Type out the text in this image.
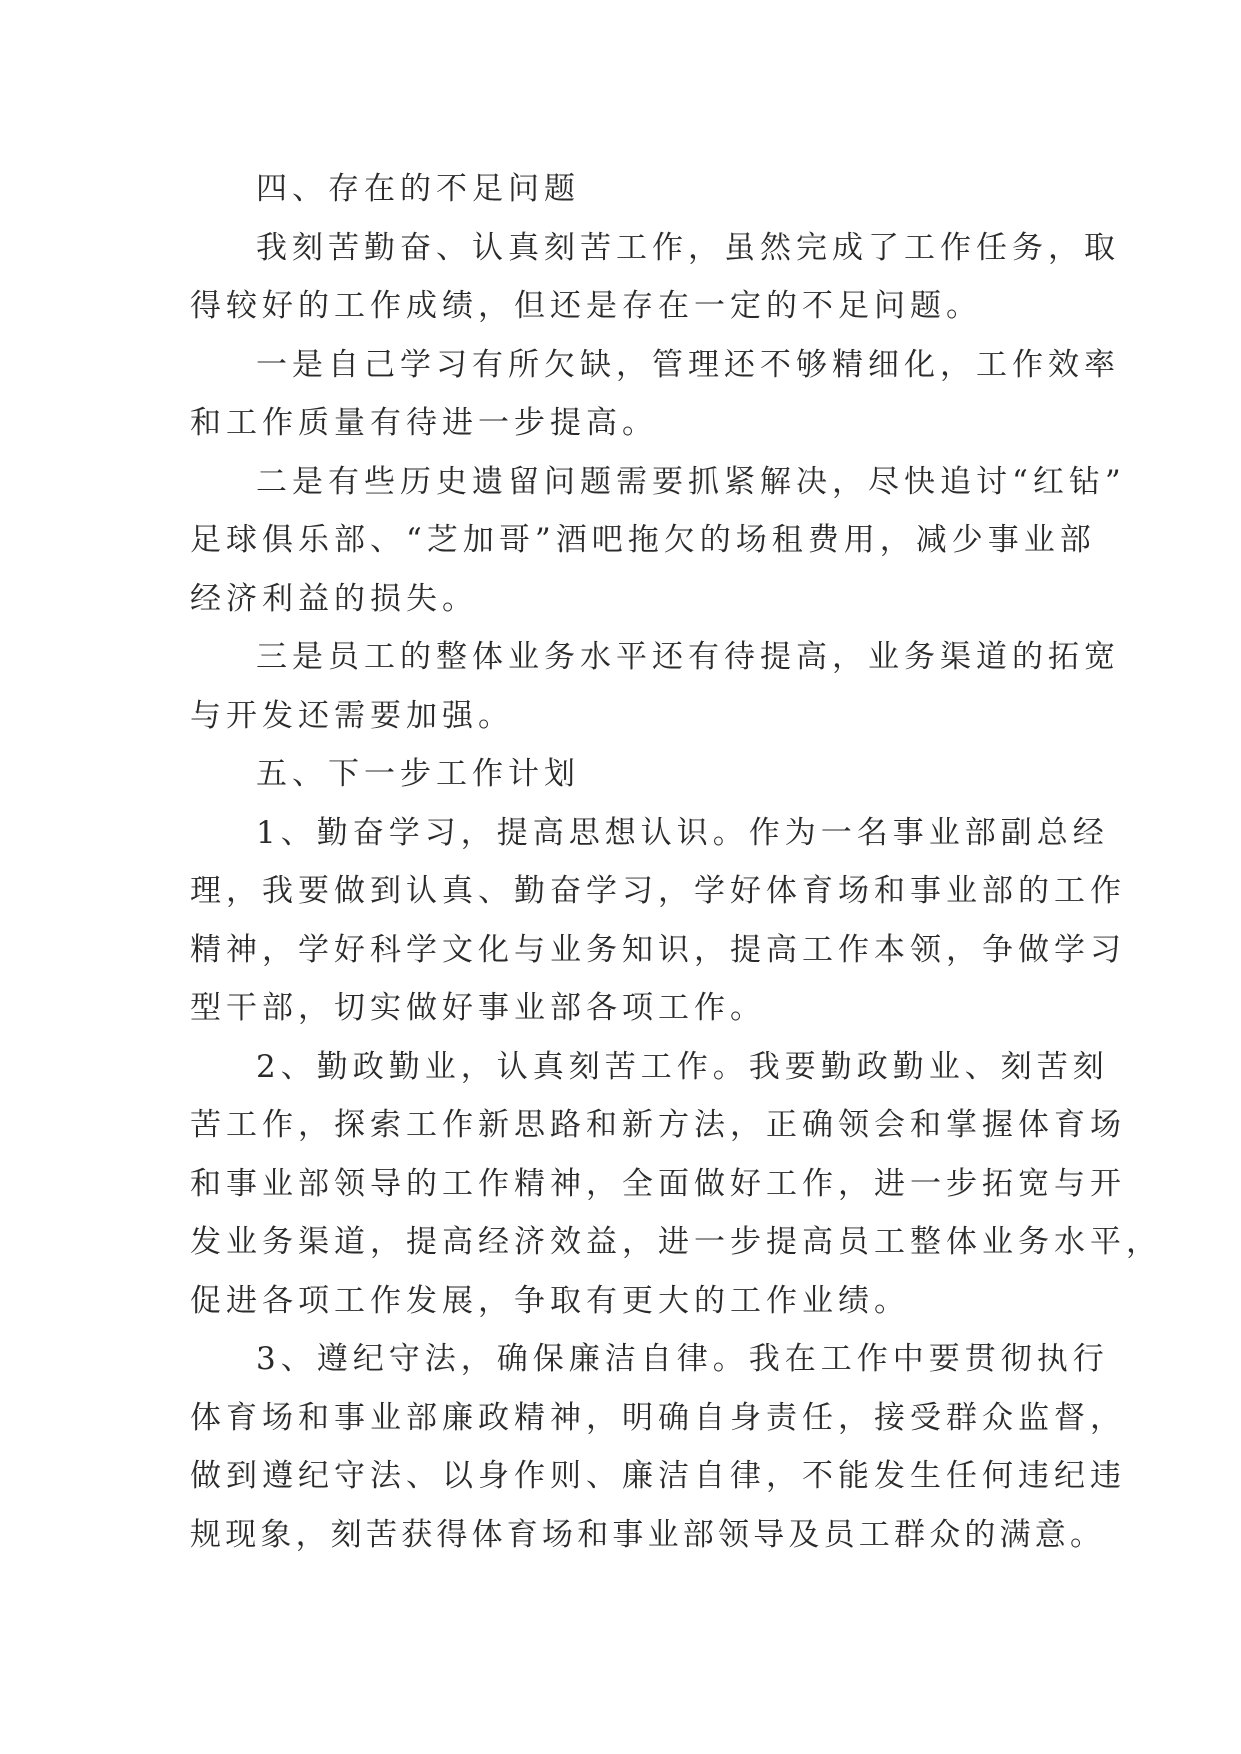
四、存在的不足问题
我刻苦勤奋、认真刻苦工作，虽然完成了工作任务，取
得较好的工作成绩，但还是存在一定的不足问题。
一是自己学习有所欠缺，管理还不够精细化，工作效率
和工作质量有待进一步提高。
二是有些历史遗留问题需要抓紧解决，尽快追讨“红钻”
足球俱乐部、“芝加哥”酒吧拖欠的场租费用，减少事业部
经济利益的损失。
三是员工的整体业务水平还有待提高，业务渠道的拓宽
与开发还需要加强。
五、下一步工作计划
1、勤奋学习，提高思想认识。作为一名事业部副总经
理，我要做到认真、勤奋学习，学好体育场和事业部的工作
精神，学好科学文化与业务知识，提高工作本领，争做学习
型干部，切实做好事业部各项工作。
2、勤政勤业，认真刻苦工作。我要勤政勤业、刻苦刻
苦工作，探索工作新思路和新方法，正确领会和掌握体育场
和事业部领导的工作精神，全面做好工作，进一步拓宽与开
发业务渠道，提高经济效益，进一步提高员工整体业务水平，
促进各项工作发展，争取有更大的工作业绩。
3、遵纪守法，确保廉洁自律。我在工作中要贯彻执行
体育场和事业部廉政精神，明确自身责任，接受群众监督，
做到遵纪守法、以身作则、廉洁自律，不能发生任何违纪违
规现象，刻苦获得体育场和事业部领导及员工群众的满意。
